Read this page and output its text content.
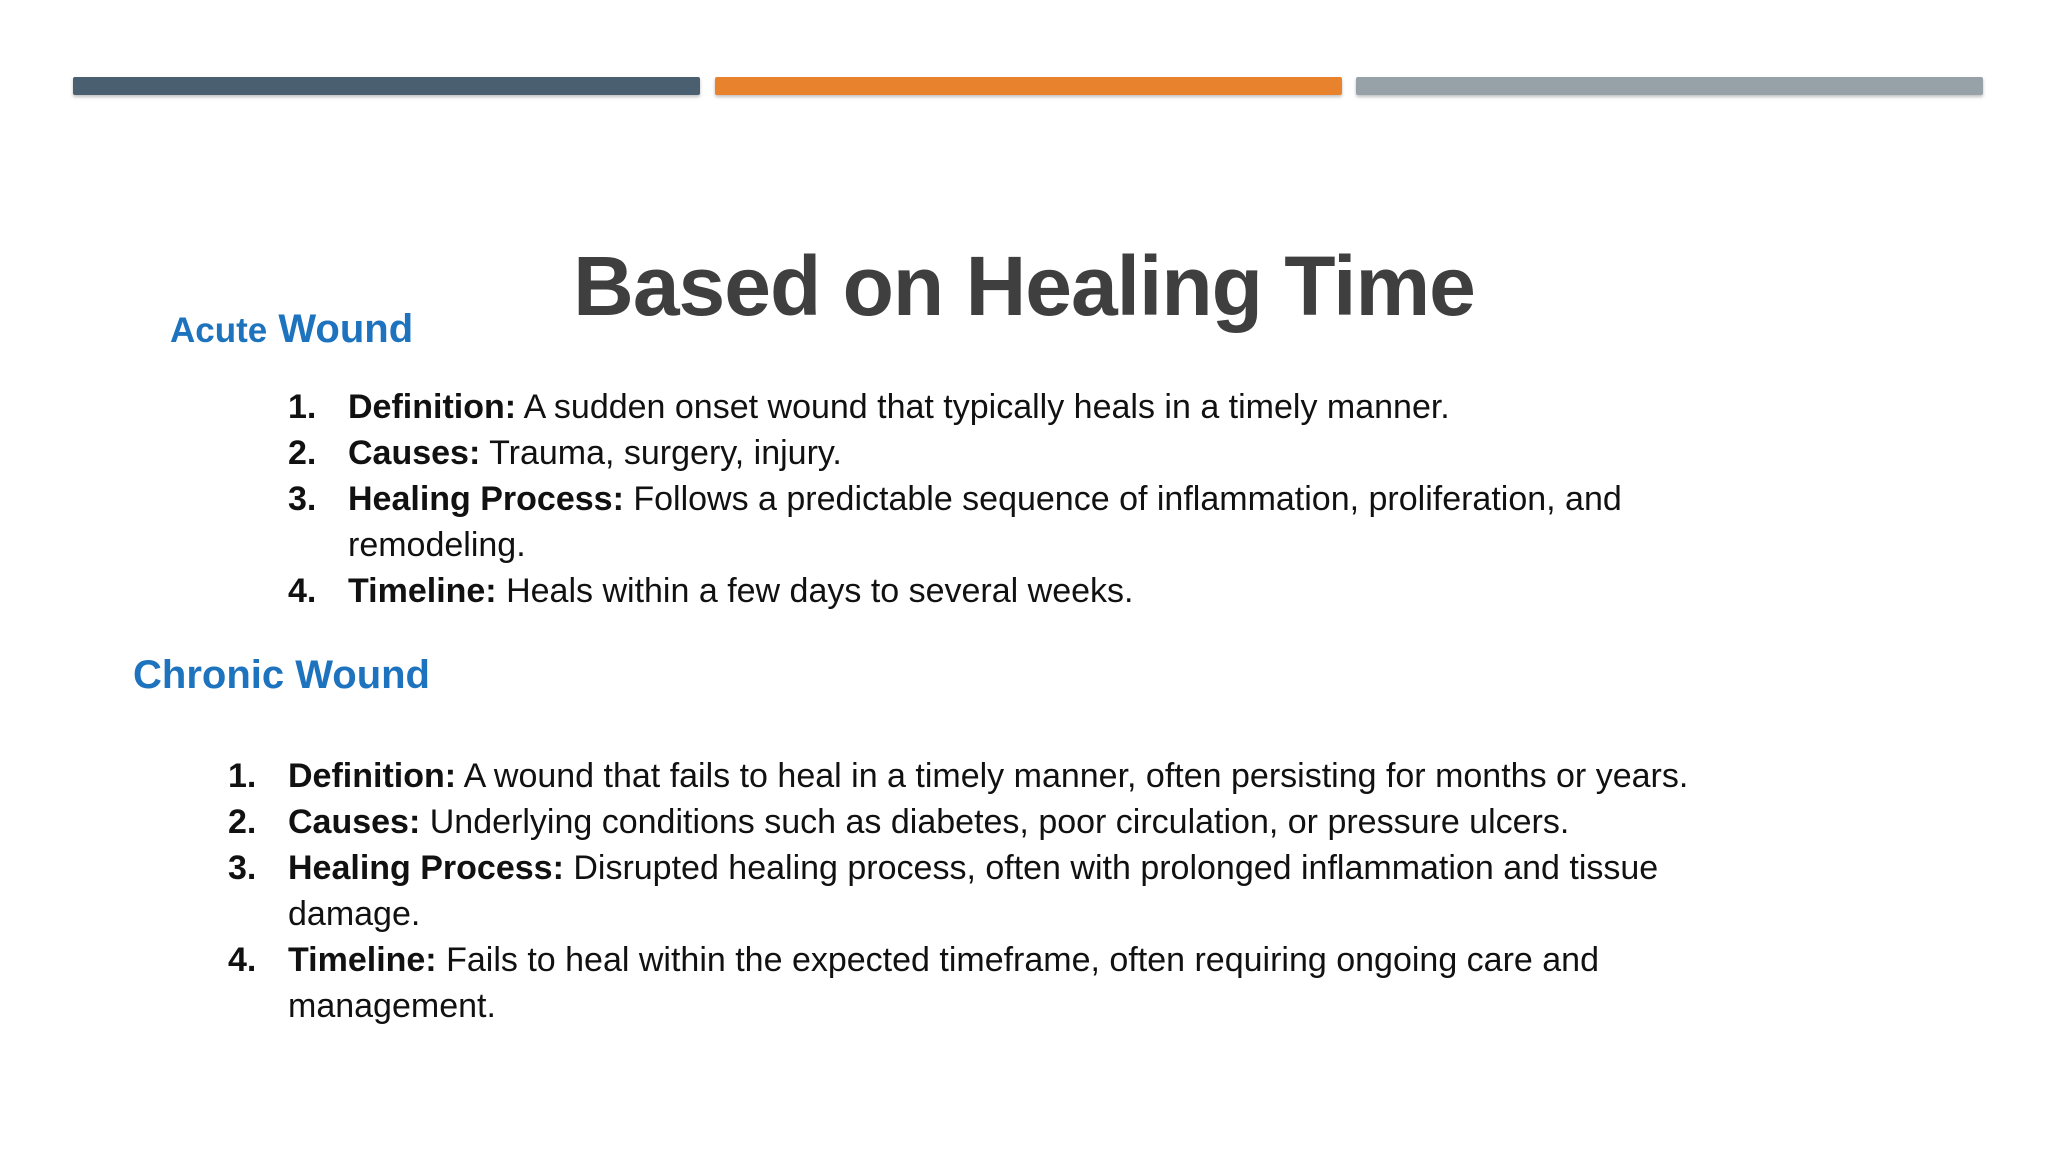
Based on Healing Time
Acute Wound
1. Definition: A sudden onset wound that typically heals in a timely manner.
2. Causes: Trauma, surgery, injury.
3. Healing Process: Follows a predictable sequence of inflammation, proliferation, and remodeling.
4. Timeline: Heals within a few days to several weeks.
Chronic Wound
1. Definition: A wound that fails to heal in a timely manner, often persisting for months or years.
2. Causes: Underlying conditions such as diabetes, poor circulation, or pressure ulcers.
3. Healing Process: Disrupted healing process, often with prolonged inflammation and tissue damage.
4. Timeline: Fails to heal within the expected timeframe, often requiring ongoing care and management.
